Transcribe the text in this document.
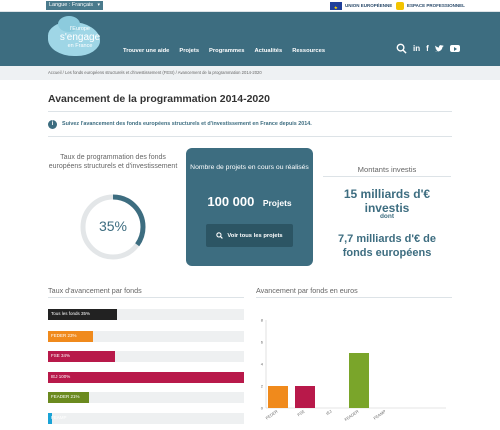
Langue : Français ▾
★	UNION EUROPÉENNE	ESPACE PROFESSIONNEL
l'Europe
s'engage
en France
Trouver une aide Projets Programmes Actualités Ressources	in f
Accueil / Les fonds européens structurels et d'investissement (FESI) / Avancement de la programmation 2014-2020
Avancement de la programmation 2014-2020
i	Suivez l'avancement des fonds européens structurels et d'investissement en France depuis 2014.
Taux de programmation des fonds européens structurels et d'investissement
35%
Nombre de projets en cours ou réalisés
100 000 Projets
Voir tous les projets
Montants investis
15 milliards d'€ investis
dont
7,7 milliards d'€ de fonds européens
Taux d'avancement par fonds
Tous les fonds 35%
FEDER 23%
FSE 34%
IEJ 100%
FEADER 21%
FEAMP
Avancement par fonds en euros
0
2
4
6
8
FEDER	FSE	IEJ	FEADER	FEAMP
